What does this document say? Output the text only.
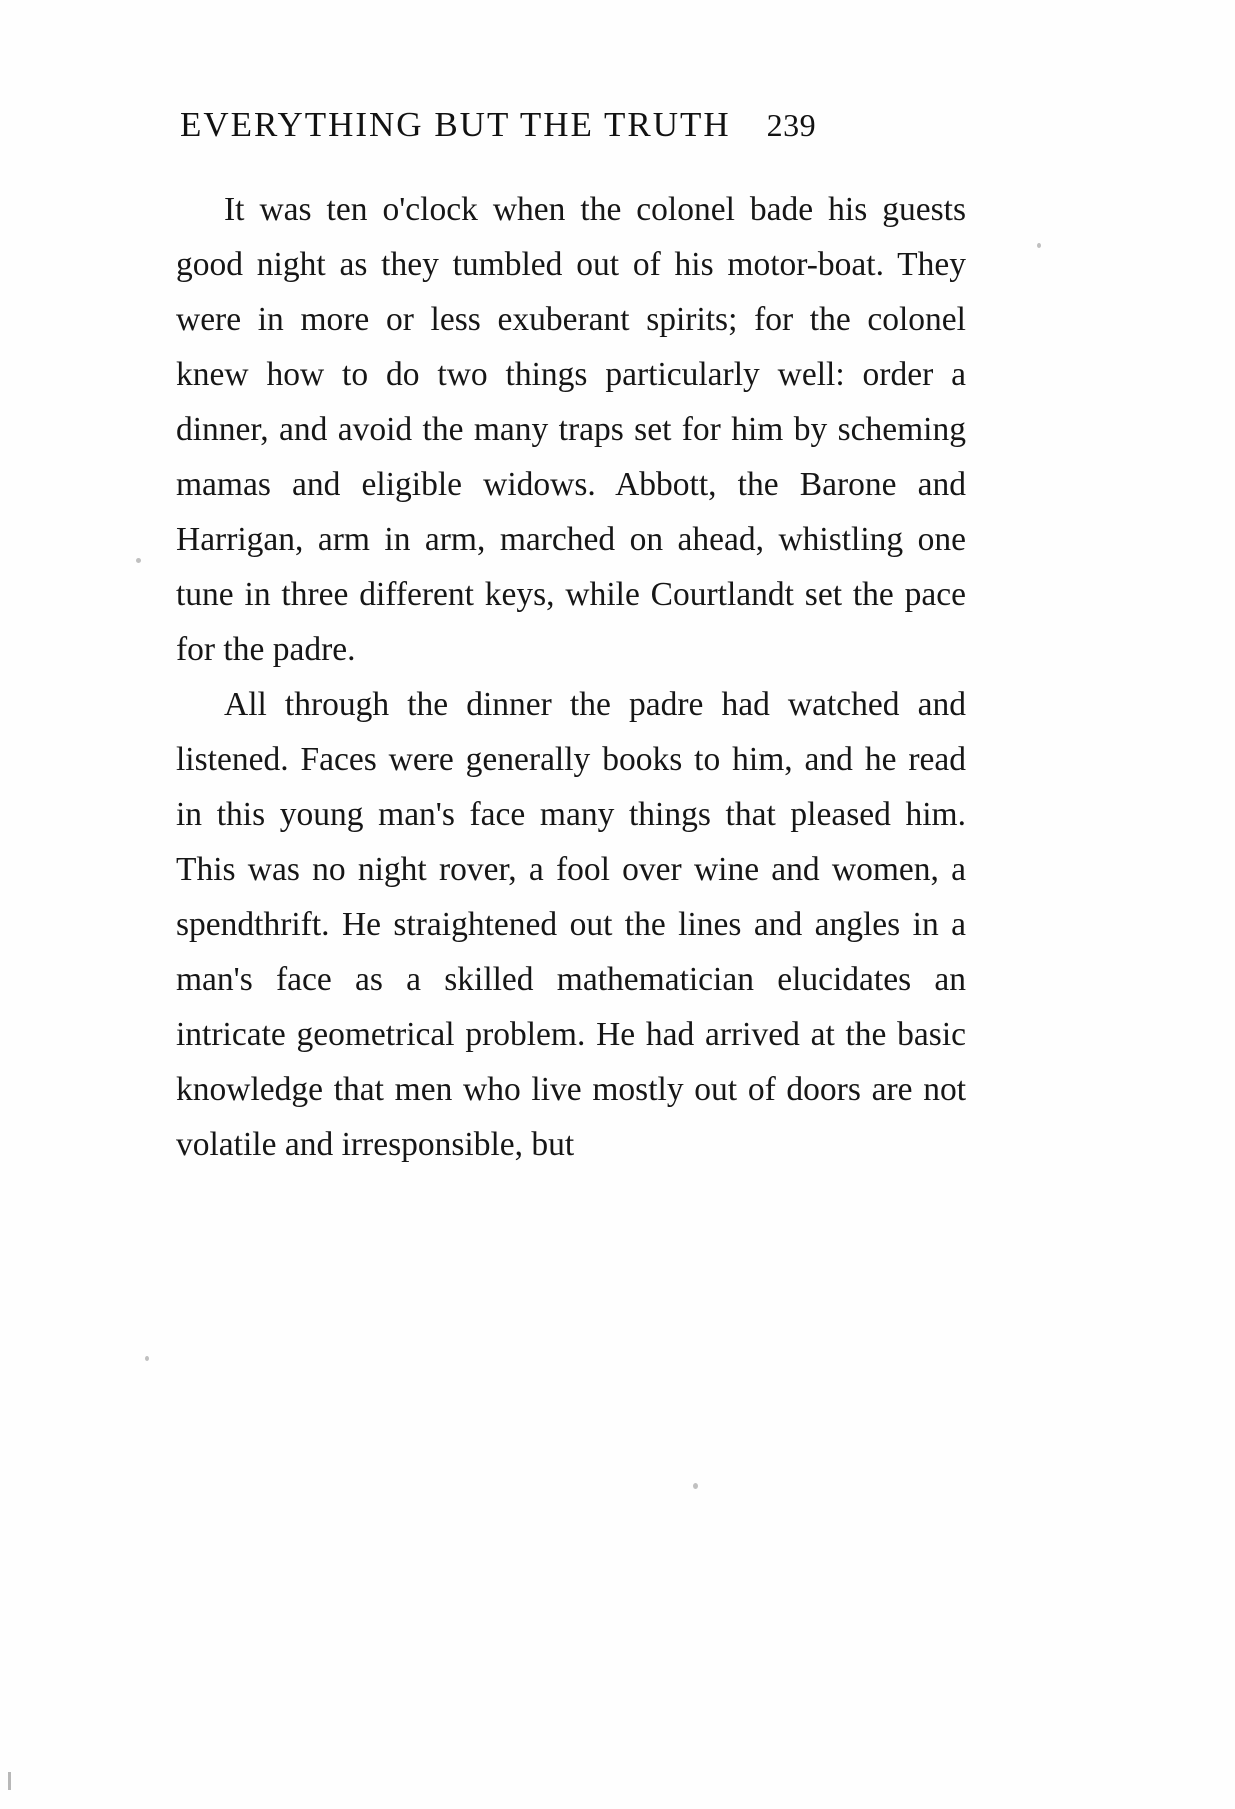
EVERYTHING BUT THE TRUTH 239

It was ten o'clock when the colonel bade his guests good night as they tumbled out of his motor-boat. They were in more or less exuberant spirits; for the colonel knew how to do two things particularly well: order a dinner, and avoid the many traps set for him by scheming mamas and eligible widows. Abbott, the Barone and Harrigan, arm in arm, marched on ahead, whistling one tune in three different keys, while Courtlandt set the pace for the padre.

All through the dinner the padre had watched and listened. Faces were generally books to him, and he read in this young man's face many things that pleased him. This was no night rover, a fool over wine and women, a spendthrift. He straightened out the lines and angles in a man's face as a skilled mathematician elucidates an intricate geometrical problem. He had arrived at the basic knowledge that men who live mostly out of doors are not volatile and irresponsible, but
